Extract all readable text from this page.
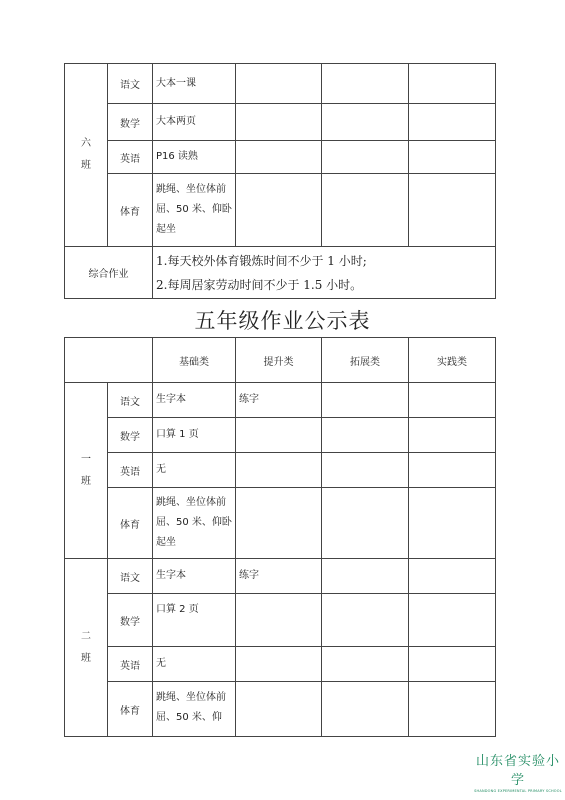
六
班	语文	大本一课			
	数学	大本两页			
	英语	P16 读熟			
	体育	跳绳、坐位体前屈、50 米、仰卧起坐			
综合作业		1.每天校外体育锻炼时间不少于 1 小时;
2.每周居家劳动时间不少于 1.5 小时。			
五年级作业公示表
		基础类	提升类	拓展类	实践类
一
班	语文	生字本	练字		
	数学	口算 1 页			
	英语	无			
	体育	跳绳、坐位体前屈、50 米、仰卧起坐			
二
班	语文	生字本	练字		
	数学	口算 2 页			
	英语	无			
	体育	跳绳、坐位体前屈、50 米、仰			
山东省实验小学
SHANDONG EXPERIMENTAL PRIMARY SCHOOL
